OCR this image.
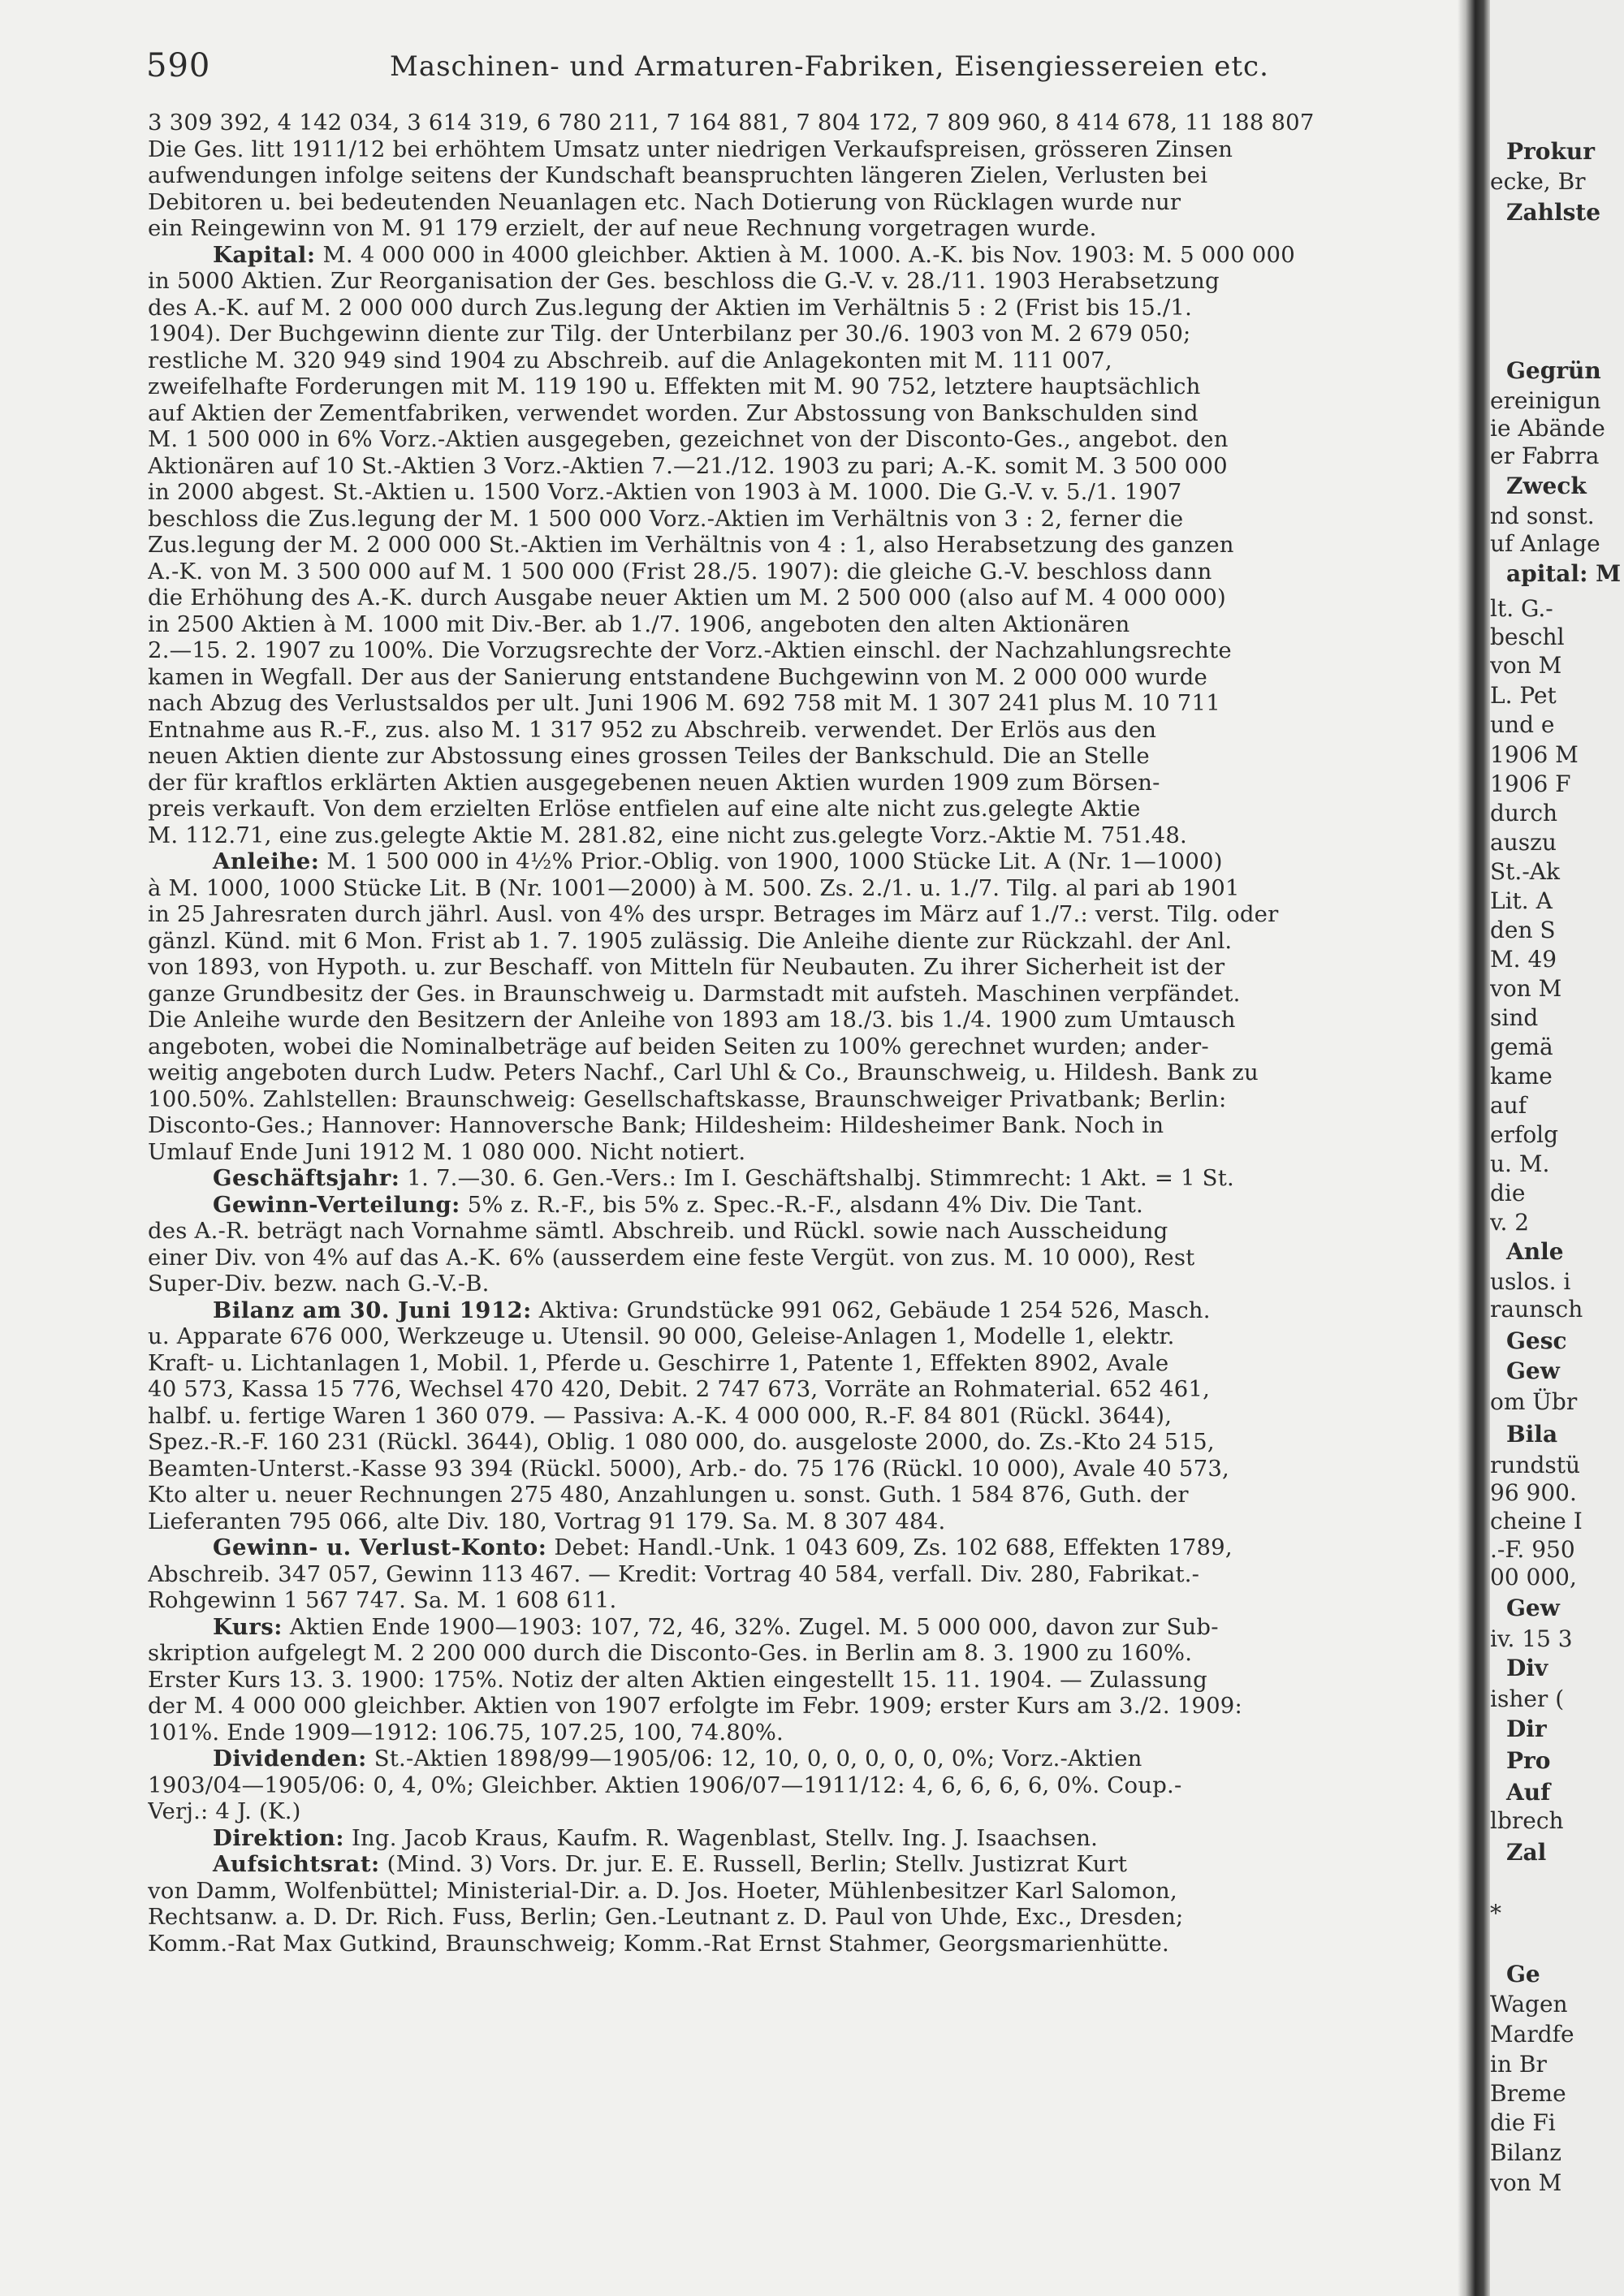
590	Maschinen- und Armaturen-Fabriken, Eisengiessereien etc.
3 309 392, 4 142 034, 3 614 319, 6 780 211, 7 164 881, 7 804 172, 7 809 960, 8 414 678, 11 188 807
Die Ges. litt 1911/12 bei erhöhtem Umsatz unter niedrigen Verkaufspreisen, grösseren Zinsen
aufwendungen infolge seitens der Kundschaft beanspruchten längeren Zielen, Verlusten bei
Debitoren u. bei bedeutenden Neuanlagen etc. Nach Dotierung von Rücklagen wurde nur
ein Reingewinn von M. 91 179 erzielt, der auf neue Rechnung vorgetragen wurde.
Kapital: M. 4 000 000 in 4000 gleichber. Aktien à M. 1000. A.-K. bis Nov. 1903: M. 5 000 000
in 5000 Aktien. Zur Reorganisation der Ges. beschloss die G.-V. v. 28./11. 1903 Herabsetzung
des A.-K. auf M. 2 000 000 durch Zus.legung der Aktien im Verhältnis 5 : 2 (Frist bis 15./1.
1904). Der Buchgewinn diente zur Tilg. der Unterbilanz per 30./6. 1903 von M. 2 679 050;
restliche M. 320 949 sind 1904 zu Abschreib. auf die Anlagekonten mit M. 111 007,
zweifelhafte Forderungen mit M. 119 190 u. Effekten mit M. 90 752, letztere hauptsächlich
auf Aktien der Zementfabriken, verwendet worden. Zur Abstossung von Bankschulden sind
M. 1 500 000 in 6% Vorz.-Aktien ausgegeben, gezeichnet von der Disconto-Ges., angebot. den
Aktionären auf 10 St.-Aktien 3 Vorz.-Aktien 7.—21./12. 1903 zu pari; A.-K. somit M. 3 500 000
in 2000 abgest. St.-Aktien u. 1500 Vorz.-Aktien von 1903 à M. 1000. Die G.-V. v. 5./1. 1907
beschloss die Zus.legung der M. 1 500 000 Vorz.-Aktien im Verhältnis von 3 : 2, ferner die
Zus.legung der M. 2 000 000 St.-Aktien im Verhältnis von 4 : 1, also Herabsetzung des ganzen
A.-K. von M. 3 500 000 auf M. 1 500 000 (Frist 28./5. 1907): die gleiche G.-V. beschloss dann
die Erhöhung des A.-K. durch Ausgabe neuer Aktien um M. 2 500 000 (also auf M. 4 000 000)
in 2500 Aktien à M. 1000 mit Div.-Ber. ab 1./7. 1906, angeboten den alten Aktionären
2.—15. 2. 1907 zu 100%. Die Vorzugsrechte der Vorz.-Aktien einschl. der Nachzahlungsrechte
kamen in Wegfall. Der aus der Sanierung entstandene Buchgewinn von M. 2 000 000 wurde
nach Abzug des Verlustsaldos per ult. Juni 1906 M. 692 758 mit M. 1 307 241 plus M. 10 711
Entnahme aus R.-F., zus. also M. 1 317 952 zu Abschreib. verwendet. Der Erlös aus den
neuen Aktien diente zur Abstossung eines grossen Teiles der Bankschuld. Die an Stelle
der für kraftlos erklärten Aktien ausgegebenen neuen Aktien wurden 1909 zum Börsen-
preis verkauft. Von dem erzielten Erlöse entfielen auf eine alte nicht zus.gelegte Aktie
M. 112.71, eine zus.gelegte Aktie M. 281.82, eine nicht zus.gelegte Vorz.-Aktie M. 751.48.
Anleihe: M. 1 500 000 in 4½% Prior.-Oblig. von 1900, 1000 Stücke Lit. A (Nr. 1—1000)
à M. 1000, 1000 Stücke Lit. B (Nr. 1001—2000) à M. 500. Zs. 2./1. u. 1./7. Tilg. al pari ab 1901
in 25 Jahresraten durch jährl. Ausl. von 4% des urspr. Betrages im März auf 1./7.: verst. Tilg. oder
gänzl. Künd. mit 6 Mon. Frist ab 1. 7. 1905 zulässig. Die Anleihe diente zur Rückzahl. der Anl.
von 1893, von Hypoth. u. zur Beschaff. von Mitteln für Neubauten. Zu ihrer Sicherheit ist der
ganze Grundbesitz der Ges. in Braunschweig u. Darmstadt mit aufsteh. Maschinen verpfändet.
Die Anleihe wurde den Besitzern der Anleihe von 1893 am 18./3. bis 1./4. 1900 zum Umtausch
angeboten, wobei die Nominalbeträge auf beiden Seiten zu 100% gerechnet wurden; ander-
weitig angeboten durch Ludw. Peters Nachf., Carl Uhl & Co., Braunschweig, u. Hildesh. Bank zu
100.50%. Zahlstellen: Braunschweig: Gesellschaftskasse, Braunschweiger Privatbank; Berlin:
Disconto-Ges.; Hannover: Hannoversche Bank; Hildesheim: Hildesheimer Bank. Noch in
Umlauf Ende Juni 1912 M. 1 080 000. Nicht notiert.
Geschäftsjahr: 1. 7.—30. 6. Gen.-Vers.: Im I. Geschäftshalbj. Stimmrecht: 1 Akt. = 1 St.
Gewinn-Verteilung: 5% z. R.-F., bis 5% z. Spec.-R.-F., alsdann 4% Div. Die Tant.
des A.-R. beträgt nach Vornahme sämtl. Abschreib. und Rückl. sowie nach Ausscheidung
einer Div. von 4% auf das A.-K. 6% (ausserdem eine feste Vergüt. von zus. M. 10 000), Rest
Super-Div. bezw. nach G.-V.-B.
Bilanz am 30. Juni 1912: Aktiva: Grundstücke 991 062, Gebäude 1 254 526, Masch.
u. Apparate 676 000, Werkzeuge u. Utensil. 90 000, Geleise-Anlagen 1, Modelle 1, elektr.
Kraft- u. Lichtanlagen 1, Mobil. 1, Pferde u. Geschirre 1, Patente 1, Effekten 8902, Avale
40 573, Kassa 15 776, Wechsel 470 420, Debit. 2 747 673, Vorräte an Rohmaterial. 652 461,
halbf. u. fertige Waren 1 360 079. — Passiva: A.-K. 4 000 000, R.-F. 84 801 (Rückl. 3644),
Spez.-R.-F. 160 231 (Rückl. 3644), Oblig. 1 080 000, do. ausgeloste 2000, do. Zs.-Kto 24 515,
Beamten-Unterst.-Kasse 93 394 (Rückl. 5000), Arb.- do. 75 176 (Rückl. 10 000), Avale 40 573,
Kto alter u. neuer Rechnungen 275 480, Anzahlungen u. sonst. Guth. 1 584 876, Guth. der
Lieferanten 795 066, alte Div. 180, Vortrag 91 179. Sa. M. 8 307 484.
Gewinn- u. Verlust-Konto: Debet: Handl.-Unk. 1 043 609, Zs. 102 688, Effekten 1789,
Abschreib. 347 057, Gewinn 113 467. — Kredit: Vortrag 40 584, verfall. Div. 280, Fabrikat.-
Rohgewinn 1 567 747. Sa. M. 1 608 611.
Kurs: Aktien Ende 1900—1903: 107, 72, 46, 32%. Zugel. M. 5 000 000, davon zur Sub-
skription aufgelegt M. 2 200 000 durch die Disconto-Ges. in Berlin am 8. 3. 1900 zu 160%.
Erster Kurs 13. 3. 1900: 175%. Notiz der alten Aktien eingestellt 15. 11. 1904. — Zulassung
der M. 4 000 000 gleichber. Aktien von 1907 erfolgte im Febr. 1909; erster Kurs am 3./2. 1909:
101%. Ende 1909—1912: 106.75, 107.25, 100, 74.80%.
Dividenden: St.-Aktien 1898/99—1905/06: 12, 10, 0, 0, 0, 0, 0, 0%; Vorz.-Aktien
1903/04—1905/06: 0, 4, 0%; Gleichber. Aktien 1906/07—1911/12: 4, 6, 6, 6, 6, 0%. Coup.-
Verj.: 4 J. (K.)
Direktion: Ing. Jacob Kraus, Kaufm. R. Wagenblast, Stellv. Ing. J. Isaachsen.
Aufsichtsrat: (Mind. 3) Vors. Dr. jur. E. E. Russell, Berlin; Stellv. Justizrat Kurt
von Damm, Wolfenbüttel; Ministerial-Dir. a. D. Jos. Hoeter, Mühlenbesitzer Karl Salomon,
Rechtsanw. a. D. Dr. Rich. Fuss, Berlin; Gen.-Leutnant z. D. Paul von Uhde, Exc., Dresden;
Komm.-Rat Max Gutkind, Braunschweig; Komm.-Rat Ernst Stahmer, Georgsmarienhütte.
Prokur
ecke, Br
Zahlste
Gegrün
ereinigun
ie Abände
er Fabrra
Zweck
nd sonst.
uf Anlage
apital: M
lt. G.-
beschl
von M
L. Pet
und e
1906 M
1906 F
durch
auszu
St.-Ak
Lit. A
den S
M. 49
von M
sind
gemä
kame
auf
erfolg
u. M.
die
v. 2
Anle
uslos. i
raunsch
Gesc
Gew
om Übr
Bila
rundstü
96 900.
cheine I
.-F. 950
00 000,
Gew
iv. 15 3
Div
isher (
Dir
Pro
Auf
lbrech
Zal
*
Ge
Wagen
Mardfe
in Br
Breme
die Fi
Bilanz
von M
